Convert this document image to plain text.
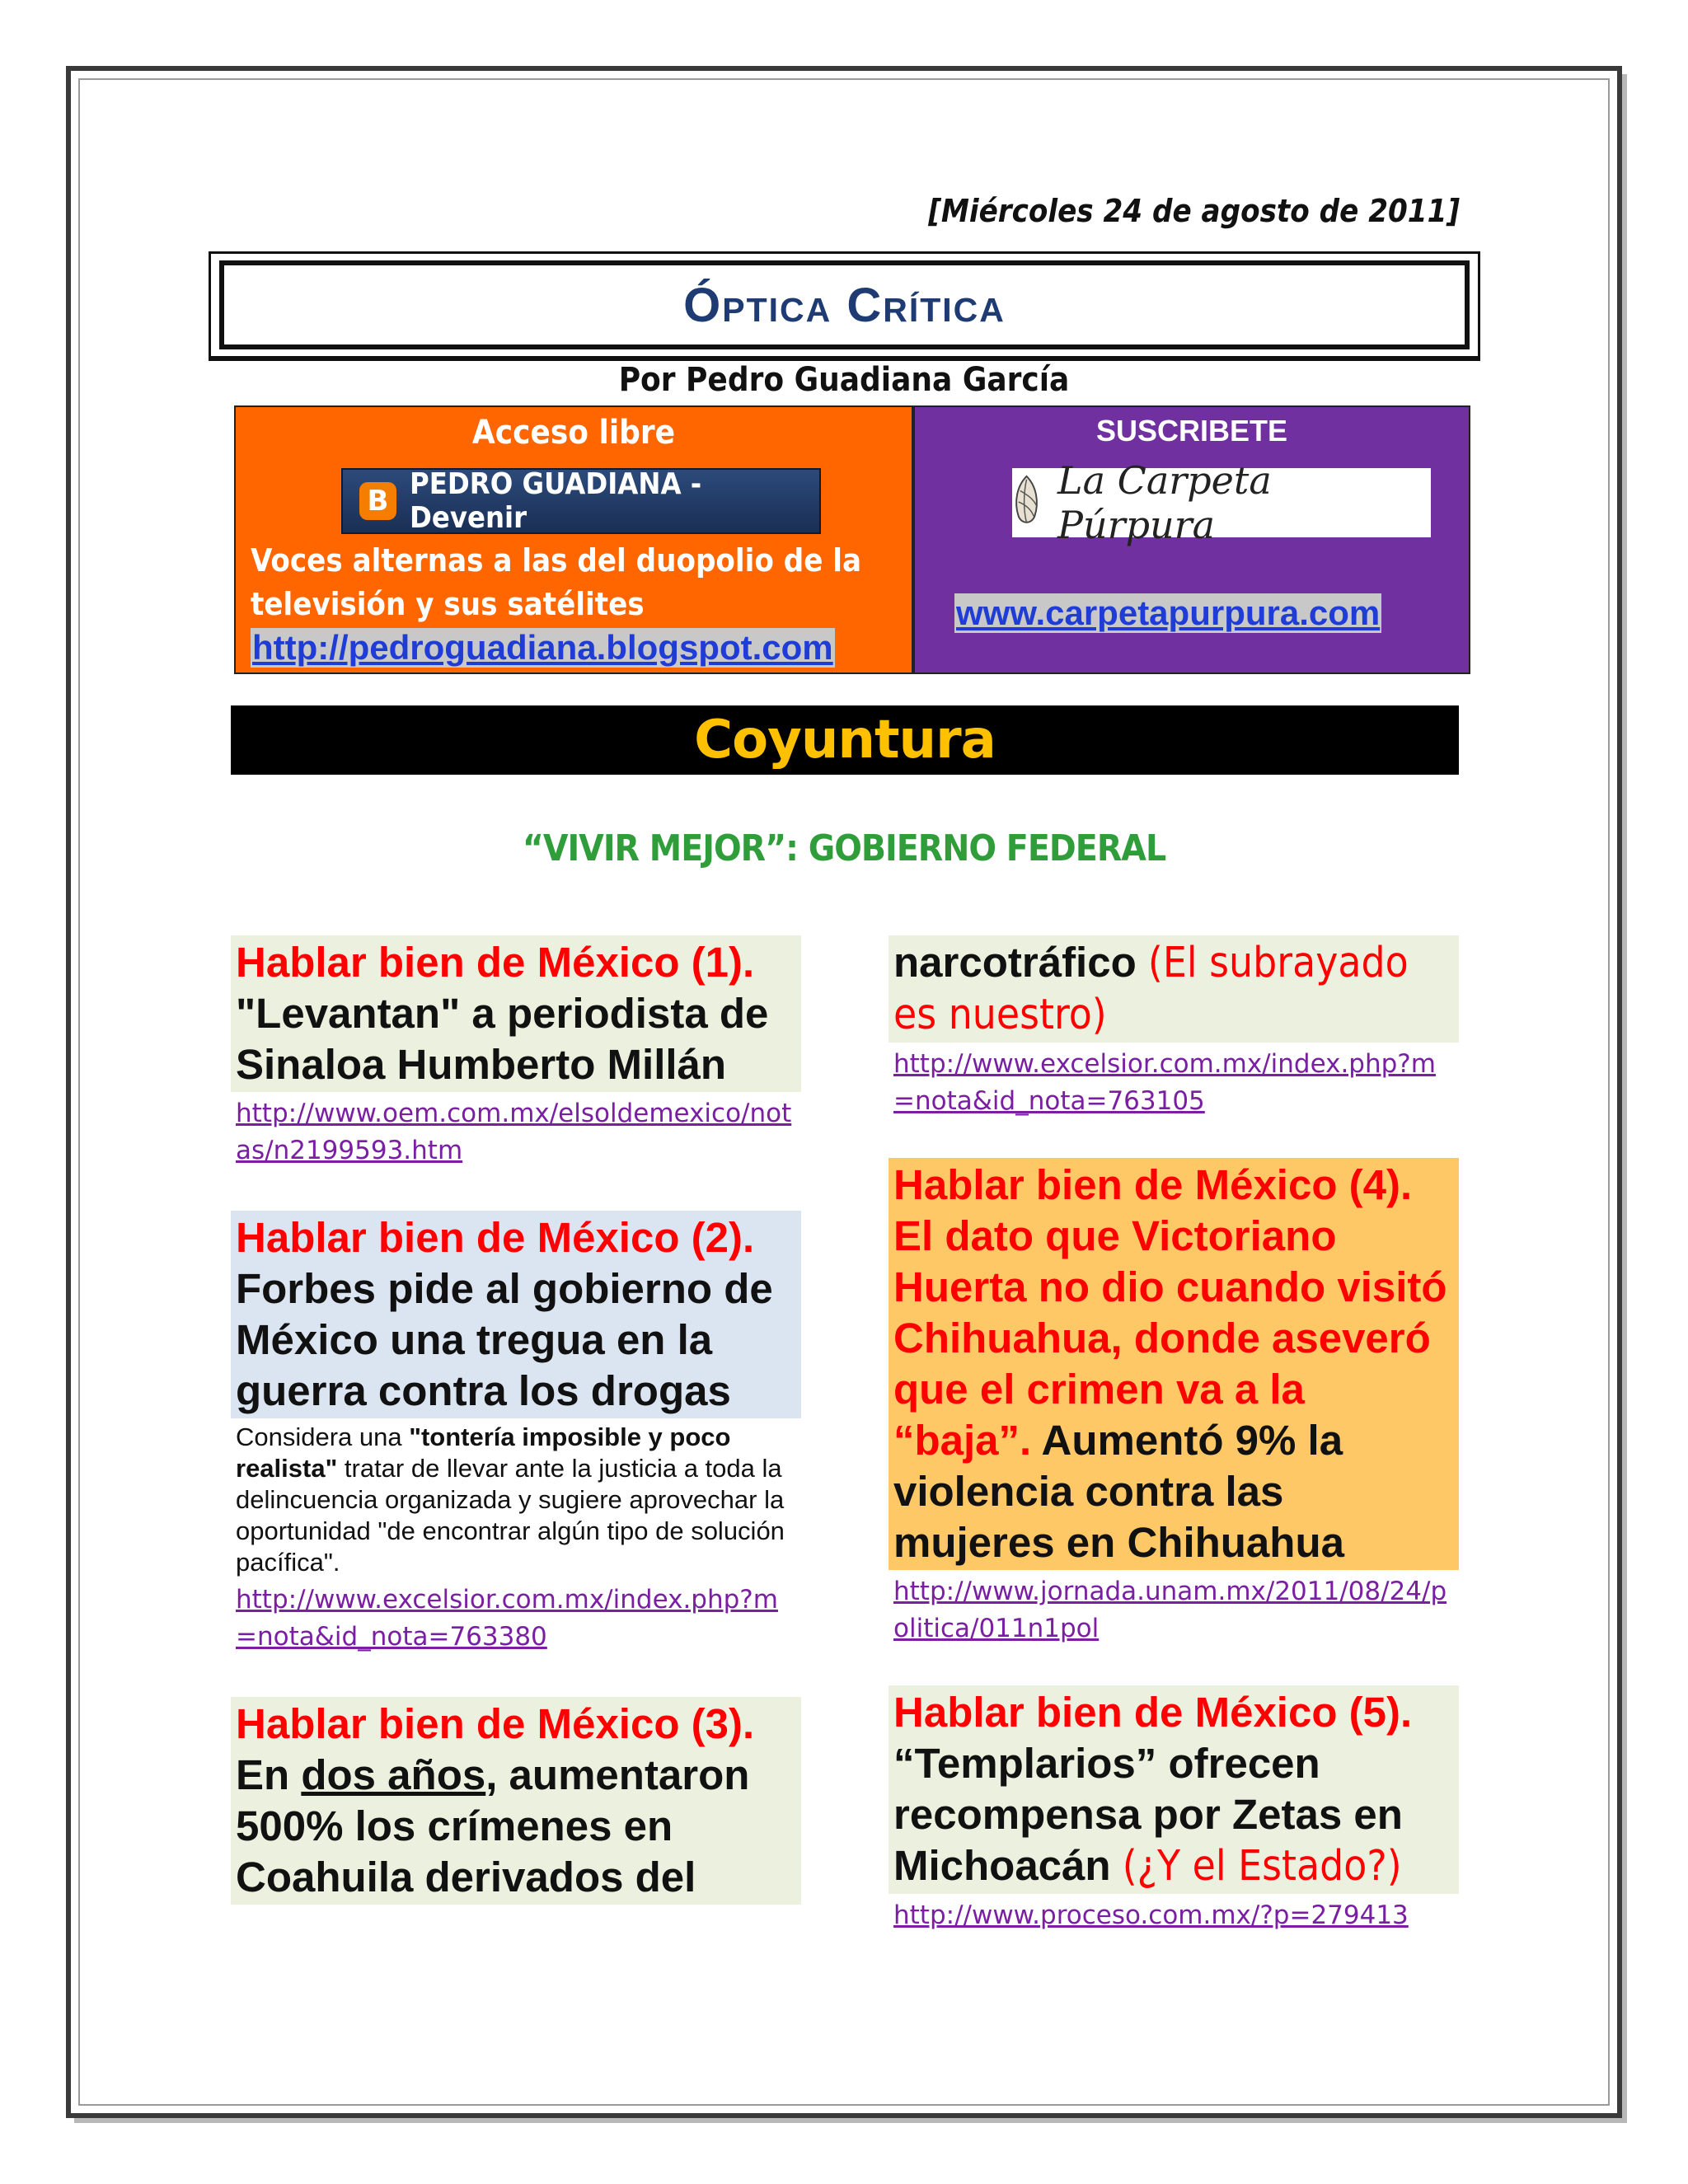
[Miércoles 24 de agosto de 2011]
Óptica Crítica
Por Pedro Guadiana García
Acceso libre
B PEDRO GUADIANA - Devenir
Voces alternas a las del duopolio de la televisión y sus satélites
http://pedroguadiana.blogspot.com
SUSCRIBETE
La Carpeta Púrpura
www.carpetapurpura.com
Coyuntura
“VIVIR MEJOR”: GOBIERNO FEDERAL
Hablar bien de México (1).
"Levantan" a periodista de Sinaloa Humberto Millán
http://www.oem.com.mx/elsoldemexico/notas/n2199593.htm
Hablar bien de México (2).
Forbes pide al gobierno de México una tregua en la guerra contra los drogas
Considera una "tontería imposible y poco realista" tratar de llevar ante la justicia a toda la delincuencia organizada y sugiere aprovechar la oportunidad "de encontrar algún tipo de solución pacífica".
http://www.excelsior.com.mx/index.php?m=nota&id_nota=763380
Hablar bien de México (3).
En dos años, aumentaron 500% los crímenes en Coahuila derivados del
narcotráfico (El subrayado es nuestro)
http://www.excelsior.com.mx/index.php?m=nota&id_nota=763105
Hablar bien de México (4).
El dato que Victoriano Huerta no dio cuando visitó Chihuahua, donde aseveró que el crimen va a la “baja”. Aumentó 9% la violencia contra las mujeres en Chihuahua
http://www.jornada.unam.mx/2011/08/24/politica/011n1pol
Hablar bien de México (5).
“Templarios” ofrecen recompensa por Zetas en Michoacán (¿Y el Estado?)
http://www.proceso.com.mx/?p=279413
